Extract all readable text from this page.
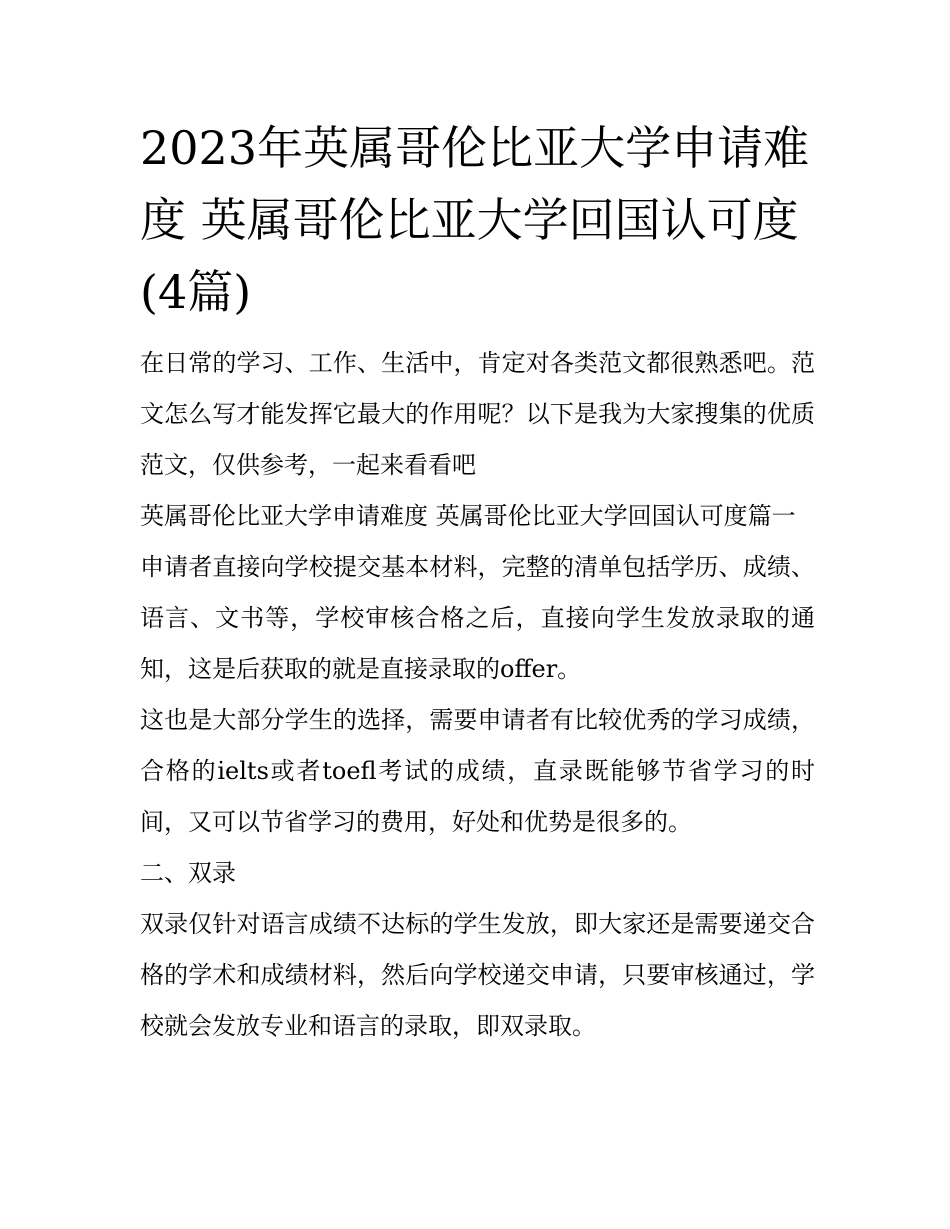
2023年英属哥伦比亚大学申请难度 英属哥伦比亚大学回国认可度(4篇)

在日常的学习、工作、生活中，肯定对各类范文都很熟悉吧。范文怎么写才能发挥它最大的作用呢？以下是我为大家搜集的优质范文，仅供参考，一起来看看吧

英属哥伦比亚大学申请难度 英属哥伦比亚大学回国认可度篇一

申请者直接向学校提交基本材料，完整的清单包括学历、成绩、语言、文书等，学校审核合格之后，直接向学生发放录取的通知，这是后获取的就是直接录取的offer。

这也是大部分学生的选择，需要申请者有比较优秀的学习成绩，合格的ielts或者toefl考试的成绩，直录既能够节省学习的时间，又可以节省学习的费用，好处和优势是很多的。

二、双录

双录仅针对语言成绩不达标的学生发放，即大家还是需要递交合格的学术和成绩材料，然后向学校递交申请，只要审核通过，学校就会发放专业和语言的录取，即双录取。
